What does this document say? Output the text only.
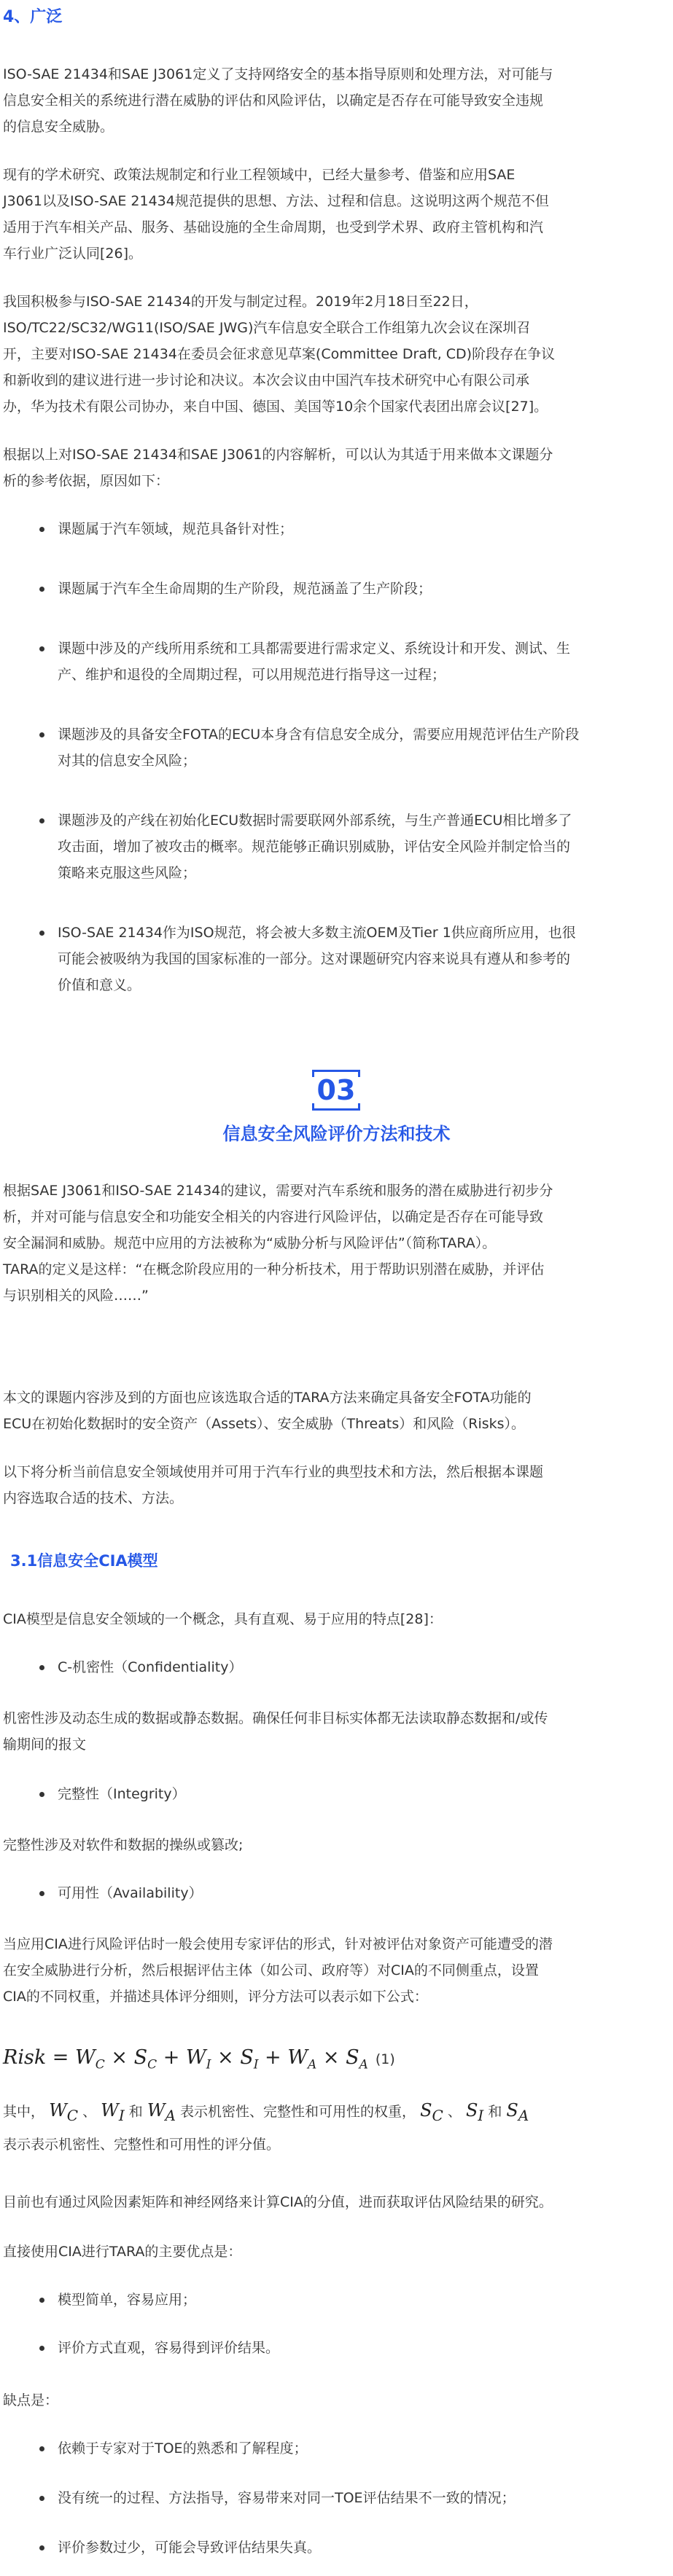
4、广泛
ISO-SAE 21434和SAE J3061定义了支持网络安全的基本指导原则和处理方法，对可能与
信息安全相关的系统进行潜在威胁的评估和风险评估，以确定是否存在可能导致安全违规
的信息安全威胁。
现有的学术研究、政策法规制定和行业工程领域中，已经大量参考、借鉴和应用SAE
J3061以及ISO-SAE 21434规范提供的思想、方法、过程和信息。这说明这两个规范不但
适用于汽车相关产品、服务、基础设施的全生命周期，也受到学术界、政府主管机构和汽
车行业广泛认同[26]。
我国积极参与ISO-SAE 21434的开发与制定过程。2019年2月18日至22日，
ISO/TC22/SC32/WG11(ISO/SAE JWG)汽车信息安全联合工作组第九次会议在深圳召
开，主要对ISO-SAE 21434在委员会征求意见草案(Committee Draft, CD)阶段存在争议
和新收到的建议进行进一步讨论和决议。本次会议由中国汽车技术研究中心有限公司承
办，华为技术有限公司协办，来自中国、德国、美国等10余个国家代表团出席会议[27]。
根据以上对ISO-SAE 21434和SAE J3061的内容解析，可以认为其适于用来做本文课题分
析的参考依据，原因如下：
课题属于汽车领域，规范具备针对性；
课题属于汽车全生命周期的生产阶段，规范涵盖了生产阶段；
课题中涉及的产线所用系统和工具都需要进行需求定义、系统设计和开发、测试、生
产、维护和退役的全周期过程，可以用规范进行指导这一过程；
课题涉及的具备安全FOTA的ECU本身含有信息安全成分，需要应用规范评估生产阶段
对其的信息安全风险；
课题涉及的产线在初始化ECU数据时需要联网外部系统，与生产普通ECU相比增多了
攻击面，增加了被攻击的概率。规范能够正确识别威胁，评估安全风险并制定恰当的
策略来克服这些风险；
ISO-SAE 21434作为ISO规范，将会被大多数主流OEM及Tier 1供应商所应用，也很
可能会被吸纳为我国的国家标准的一部分。这对课题研究内容来说具有遵从和参考的
价值和意义。
03
信息安全风险评价方法和技术
根据SAE J3061和ISO-SAE 21434的建议，需要对汽车系统和服务的潜在威胁进行初步分
析，并对可能与信息安全和功能安全相关的内容进行风险评估，以确定是否存在可能导致
安全漏洞和威胁。规范中应用的方法被称为“威胁分析与风险评估”（简称TARA）。
TARA的定义是这样：“在概念阶段应用的一种分析技术，用于帮助识别潜在威胁，并评估
与识别相关的风险……”
本文的课题内容涉及到的方面也应该选取合适的TARA方法来确定具备安全FOTA功能的
ECU在初始化数据时的安全资产（Assets）、安全威胁（Threats）和风险（Risks）。
以下将分析当前信息安全领域使用并可用于汽车行业的典型技术和方法，然后根据本课题
内容选取合适的技术、方法。
3.1信息安全CIA模型
CIA模型是信息安全领域的一个概念，具有直观、易于应用的特点[28]：
C-机密性（Confidentiality）
机密性涉及动态生成的数据或静态数据。确保任何非目标实体都无法读取静态数据和/或传
输期间的报文
完整性（Integrity）
完整性涉及对软件和数据的操纵或篡改;
可用性（Availability）
当应用CIA进行风险评估时一般会使用专家评估的形式，针对被评估对象资产可能遭受的潜
在安全威胁进行分析，然后根据评估主体（如公司、政府等）对CIA的不同侧重点，设置
CIA的不同权重，并描述具体评分细则，评分方法可以表示如下公式：
Risk = $W_C \times S_C + W_I \times S_I + W_A \times S_A$ (1)
其中， $W_C$ 、 $W_I$ 和 $W_A$ 表示机密性、完整性和可用性的权重， $S_C$ 、 $S_I$ 和 $S_A$
表示表示机密性、完整性和可用性的评分值。
目前也有通过风险因素矩阵和神经网络来计算CIA的分值，进而获取评估风险结果的研究。
直接使用CIA进行TARA的主要优点是：
模型简单，容易应用；
评价方式直观，容易得到评价结果。
缺点是：
依赖于专家对于TOE的熟悉和了解程度；
没有统一的过程、方法指导，容易带来对同一TOE评估结果不一致的情况；
评价参数过少，可能会导致评估结果失真。
